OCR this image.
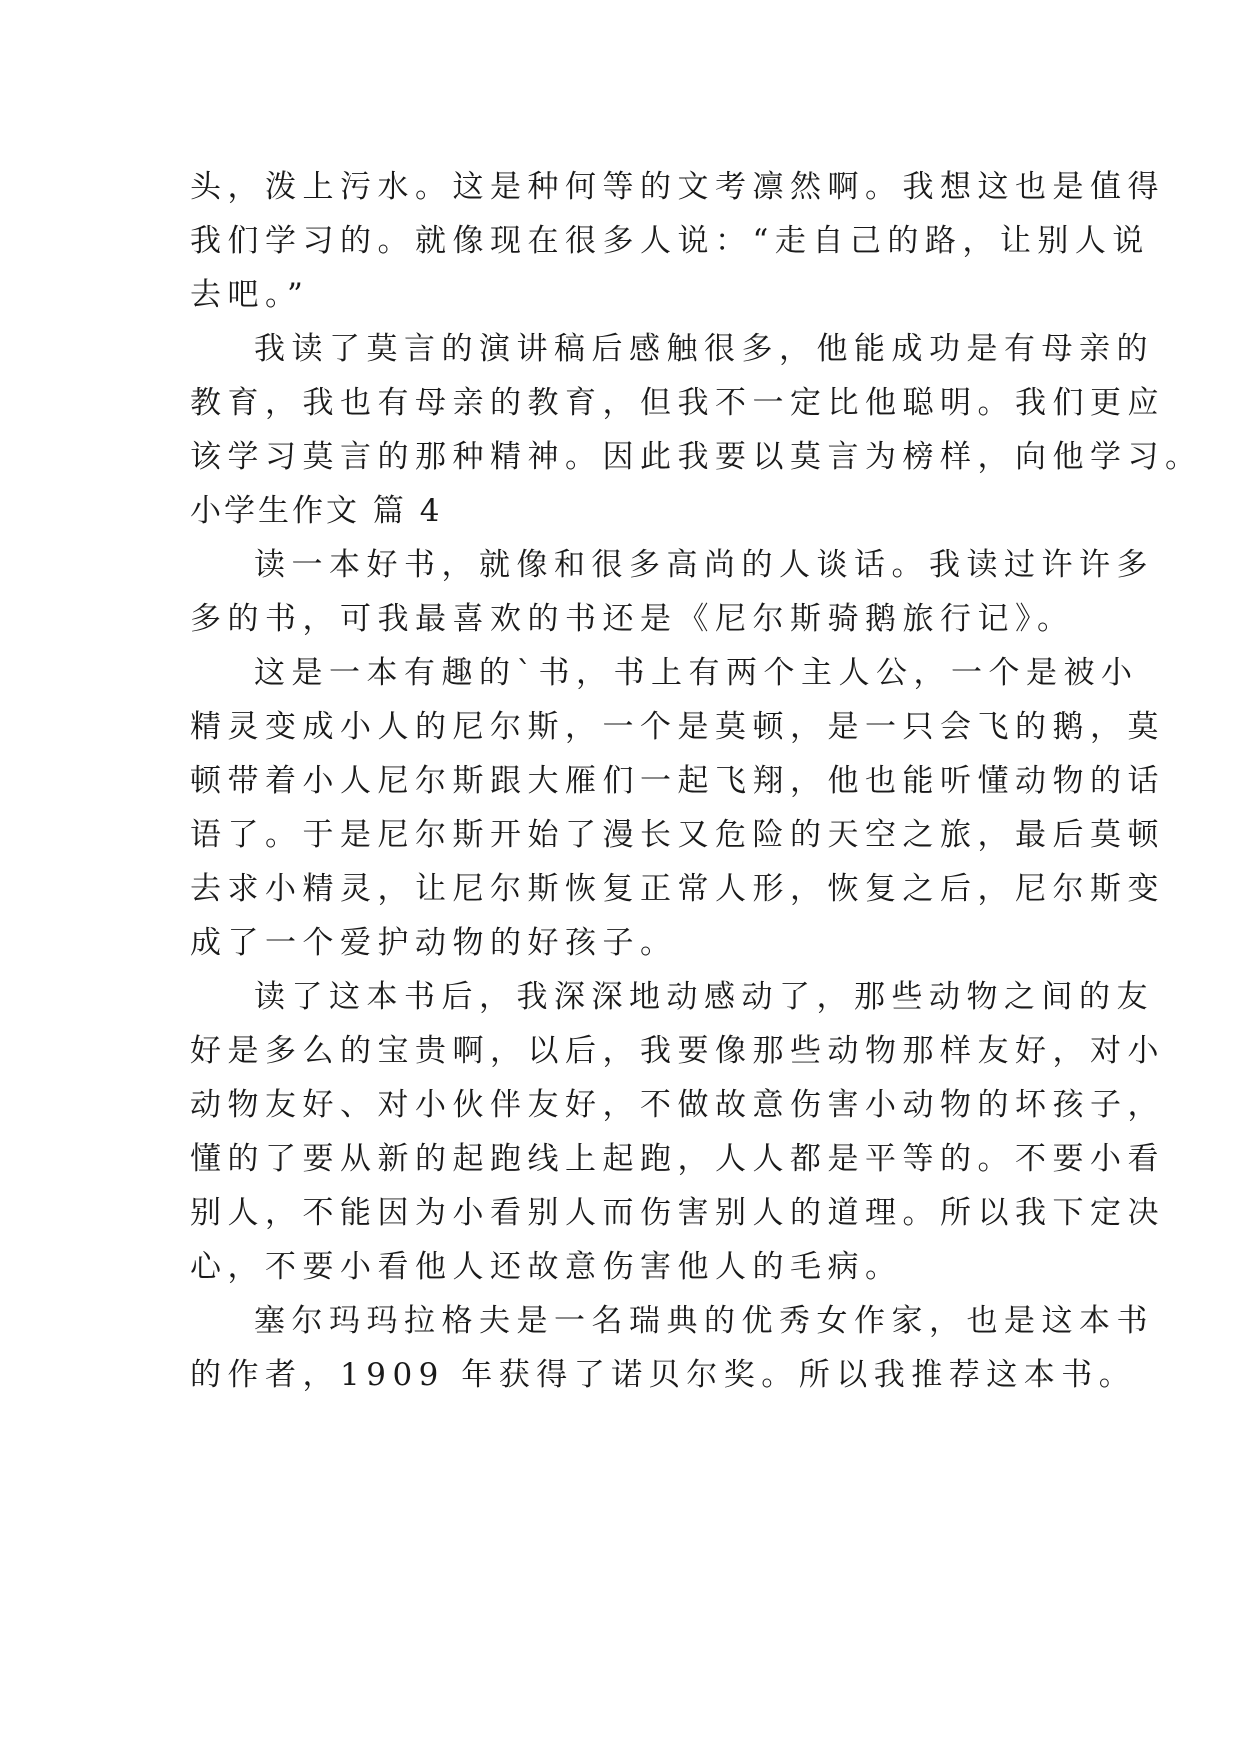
头，泼上污水。这是种何等的文考凛然啊。我想这也是值得
我们学习的。就像现在很多人说：“走自己的路，让别人说
去吧。”
我读了莫言的演讲稿后感触很多，他能成功是有母亲的
教育，我也有母亲的教育，但我不一定比他聪明。我们更应
该学习莫言的那种精神。因此我要以莫言为榜样，向他学习。
小学生作文 篇 4
读一本好书，就像和很多高尚的人谈话。我读过许许多
多的书，可我最喜欢的书还是《尼尔斯骑鹅旅行记》。
这是一本有趣的`书，书上有两个主人公，一个是被小
精灵变成小人的尼尔斯，一个是莫顿，是一只会飞的鹅，莫
顿带着小人尼尔斯跟大雁们一起飞翔，他也能听懂动物的话
语了。于是尼尔斯开始了漫长又危险的天空之旅，最后莫顿
去求小精灵，让尼尔斯恢复正常人形，恢复之后，尼尔斯变
成了一个爱护动物的好孩子。
读了这本书后，我深深地动感动了，那些动物之间的友
好是多么的宝贵啊，以后，我要像那些动物那样友好，对小
动物友好、对小伙伴友好，不做故意伤害小动物的坏孩子，
懂的了要从新的起跑线上起跑，人人都是平等的。不要小看
别人，不能因为小看别人而伤害别人的道理。所以我下定决
心，不要小看他人还故意伤害他人的毛病。
塞尔玛玛拉格夫是一名瑞典的优秀女作家，也是这本书
的作者，1909 年获得了诺贝尔奖。所以我推荐这本书。
